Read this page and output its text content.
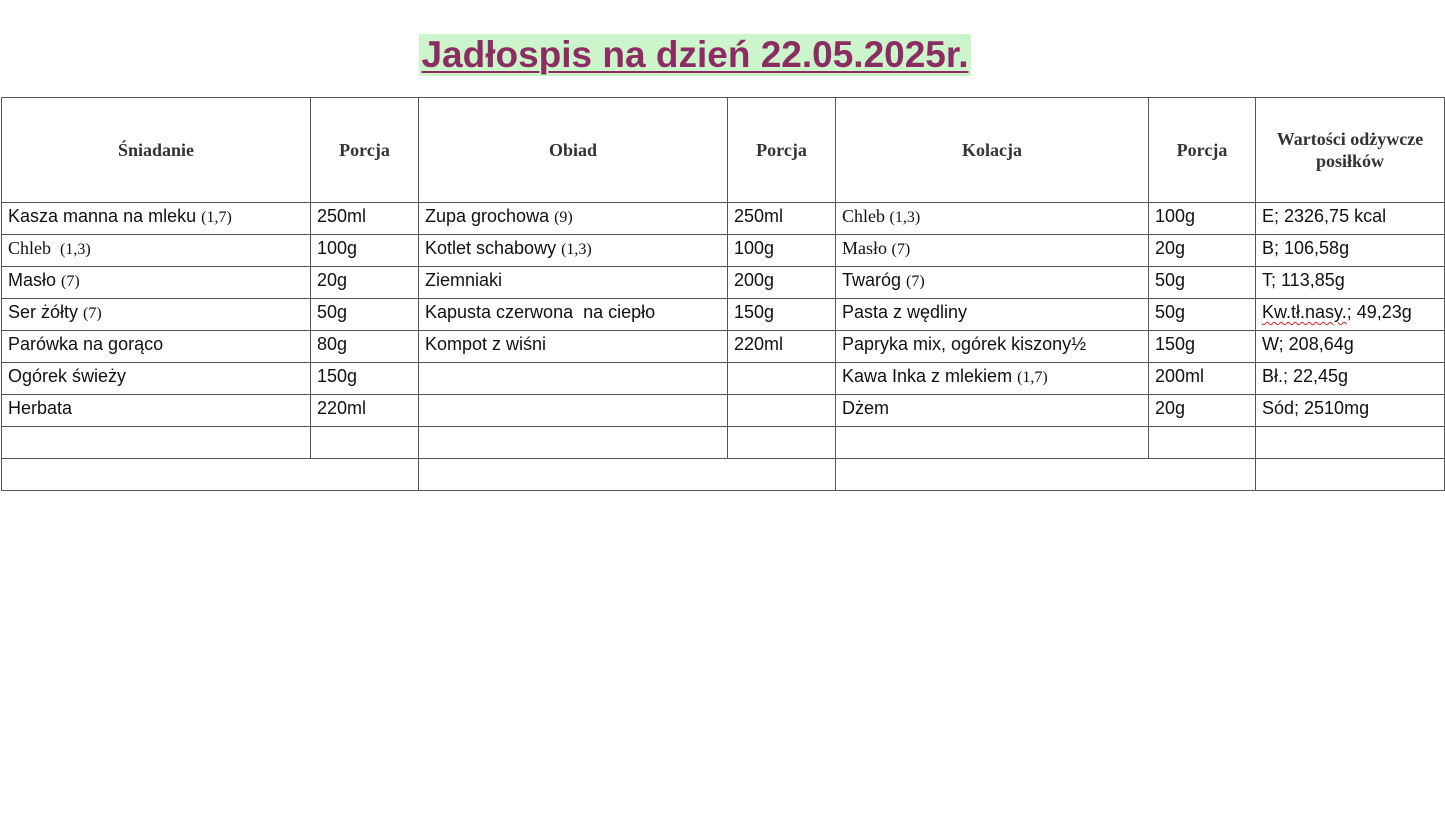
Jadłospis na dzień 22.05.2025r.
Śniadanie	Porcja	Obiad	Porcja	Kolacja	Porcja	Wartości odżywcze posiłków
Kasza manna na mleku (1,7)	250ml	Zupa grochowa (9)	250ml	Chleb (1,3)	100g	E; 2326,75 kcal
Chleb (1,3)	100g	Kotlet schabowy (1,3)	100g	Masło (7)	20g	B; 106,58g
Masło (7)	20g	Ziemniaki	200g	Twaróg (7)	50g	T; 113,85g
Ser żółty (7)	50g	Kapusta czerwona  na ciepło	150g	Pasta z wędliny	50g	Kw.tł.nasy.; 49,23g
Parówka na gorąco	80g	Kompot z wiśni	220ml	Papryka mix, ogórek kiszony½	150g	W; 208,64g
Ogórek świeży	150g			Kawa Inka z mlekiem (1,7)	200ml	Bł.; 22,45g
Herbata	220ml			Dżem	20g	Sód; 2510mg
